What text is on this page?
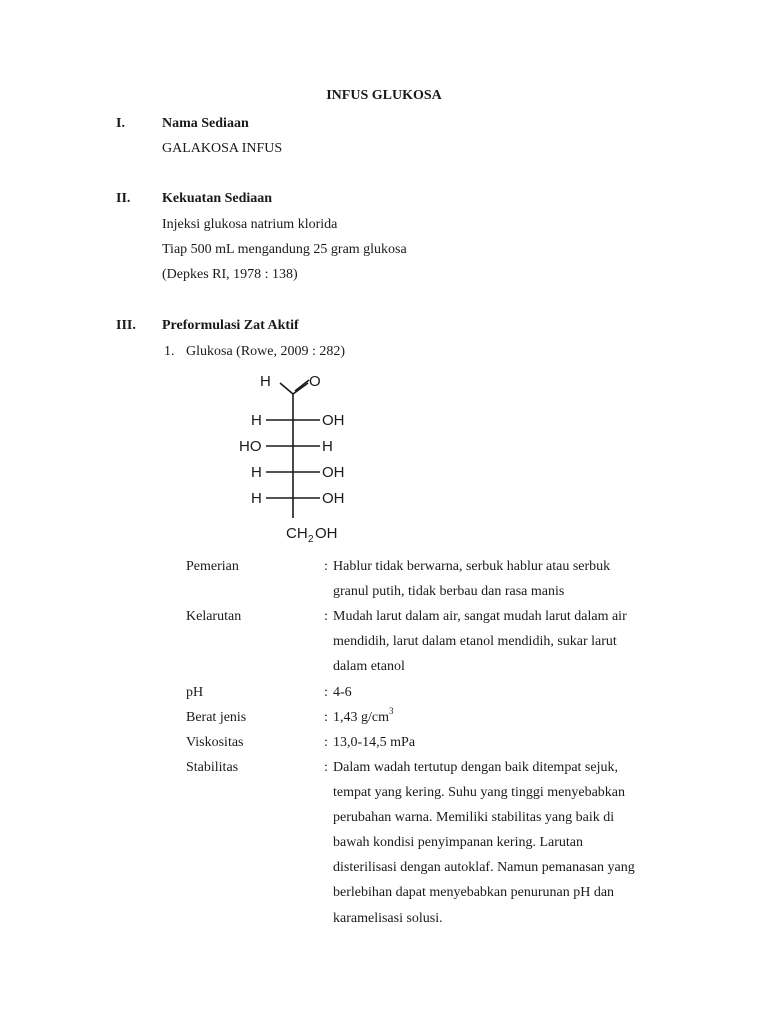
INFUS GLUKOSA
I.	Nama Sediaan
GALAKOSA INFUS
II. Kekuatan Sediaan
Injeksi glukosa natrium klorida
Tiap 500 mL mengandung 25 gram glukosa
(Depkes RI, 1978 : 138)
III. Preformulasi Zat Aktif
1. Glukosa (Rowe, 2009 : 282)
H	O
H	OH
HO	H
H	OH
H	OH
CH 2 OH
Pemerian	: Hablur tidak berwarna, serbuk hablur atau serbuk
granul putih, tidak berbau dan rasa manis
Kelarutan	: Mudah larut dalam air, sangat mudah larut dalam air
mendidih, larut dalam etanol mendidih, sukar larut
dalam etanol
pH	: 4-6
Berat jenis	: 1,43 $g/cm^3$
Viskositas	: 13,0-14,5 mPa
Stabilitas	: Dalam wadah tertutup dengan baik ditempat sejuk,
tempat yang kering. Suhu yang tinggi menyebabkan
perubahan warna. Memiliki stabilitas yang baik di
bawah kondisi penyimpanan kering. Larutan
disterilisasi dengan autoklaf. Namun pemanasan yang
berlebihan dapat menyebabkan penurunan pH dan
karamelisasi solusi.
